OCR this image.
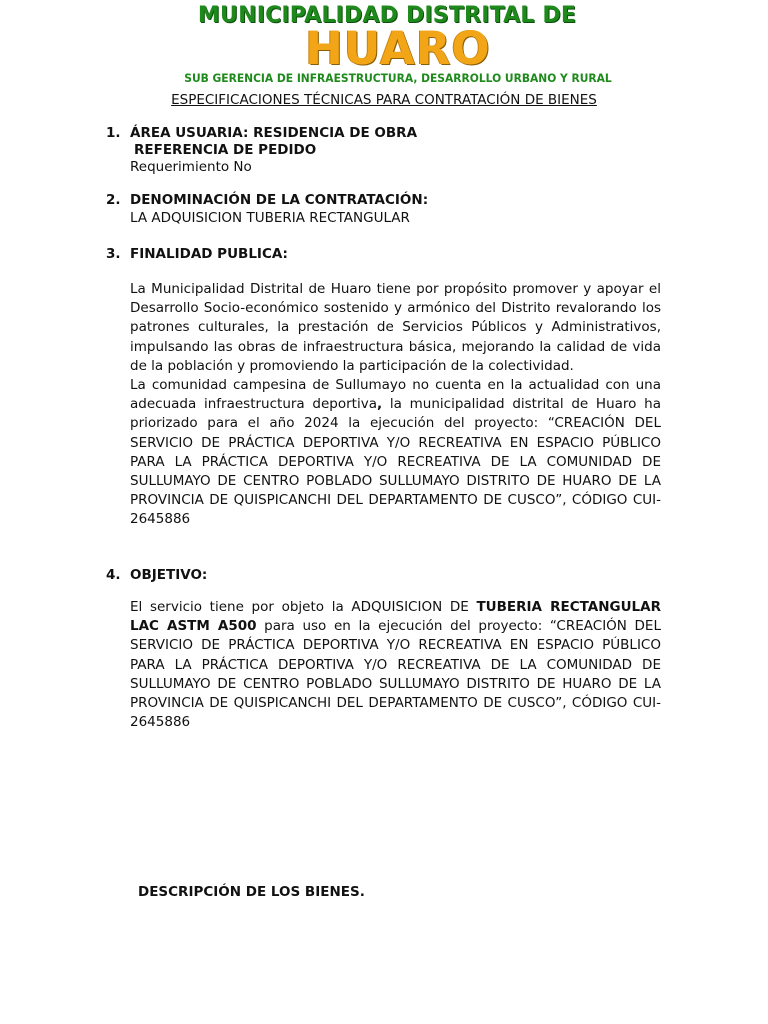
MUNICIPALIDAD DISTRITAL DE
HUARO
SUB GERENCIA DE INFRAESTRUCTURA, DESARROLLO URBANO Y RURAL
ESPECIFICACIONES TÉCNICAS PARA CONTRATACIÓN DE BIENES
1. ÁREA USUARIA: RESIDENCIA DE OBRA
REFERENCIA DE PEDIDO
Requerimiento No
2. DENOMINACIÓN DE LA CONTRATACIÓN:
LA ADQUISICION TUBERIA RECTANGULAR
3. FINALIDAD PUBLICA:
La Municipalidad Distrital de Huaro tiene por propósito promover y apoyar el Desarrollo Socio-económico sostenido y armónico del Distrito revalorando los patrones culturales, la prestación de Servicios Públicos y Administrativos, impulsando las obras de infraestructura básica, mejorando la calidad de vida de la población y promoviendo la participación de la colectividad.
La comunidad campesina de Sullumayo no cuenta en la actualidad con una adecuada infraestructura deportiva, la municipalidad distrital de Huaro ha priorizado para el año 2024 la ejecución del proyecto: “CREACIÓN DEL SERVICIO DE PRÁCTICA DEPORTIVA Y/O RECREATIVA EN ESPACIO PÚBLICO PARA LA PRÁCTICA DEPORTIVA Y/O RECREATIVA DE LA COMUNIDAD DE SULLUMAYO DE CENTRO POBLADO SULLUMAYO DISTRITO DE HUARO DE LA PROVINCIA DE QUISPICANCHI DEL DEPARTAMENTO DE CUSCO”, CÓDIGO CUI-2645886
4. OBJETIVO:
El servicio tiene por objeto la ADQUISICION DE TUBERIA RECTANGULAR LAC ASTM A500 para uso en la ejecución del proyecto: “CREACIÓN DEL SERVICIO DE PRÁCTICA DEPORTIVA Y/O RECREATIVA EN ESPACIO PÚBLICO PARA LA PRÁCTICA DEPORTIVA Y/O RECREATIVA DE LA COMUNIDAD DE SULLUMAYO DE CENTRO POBLADO SULLUMAYO DISTRITO DE HUARO DE LA PROVINCIA DE QUISPICANCHI DEL DEPARTAMENTO DE CUSCO”, CÓDIGO CUI-2645886
DESCRIPCIÓN DE LOS BIENES.
